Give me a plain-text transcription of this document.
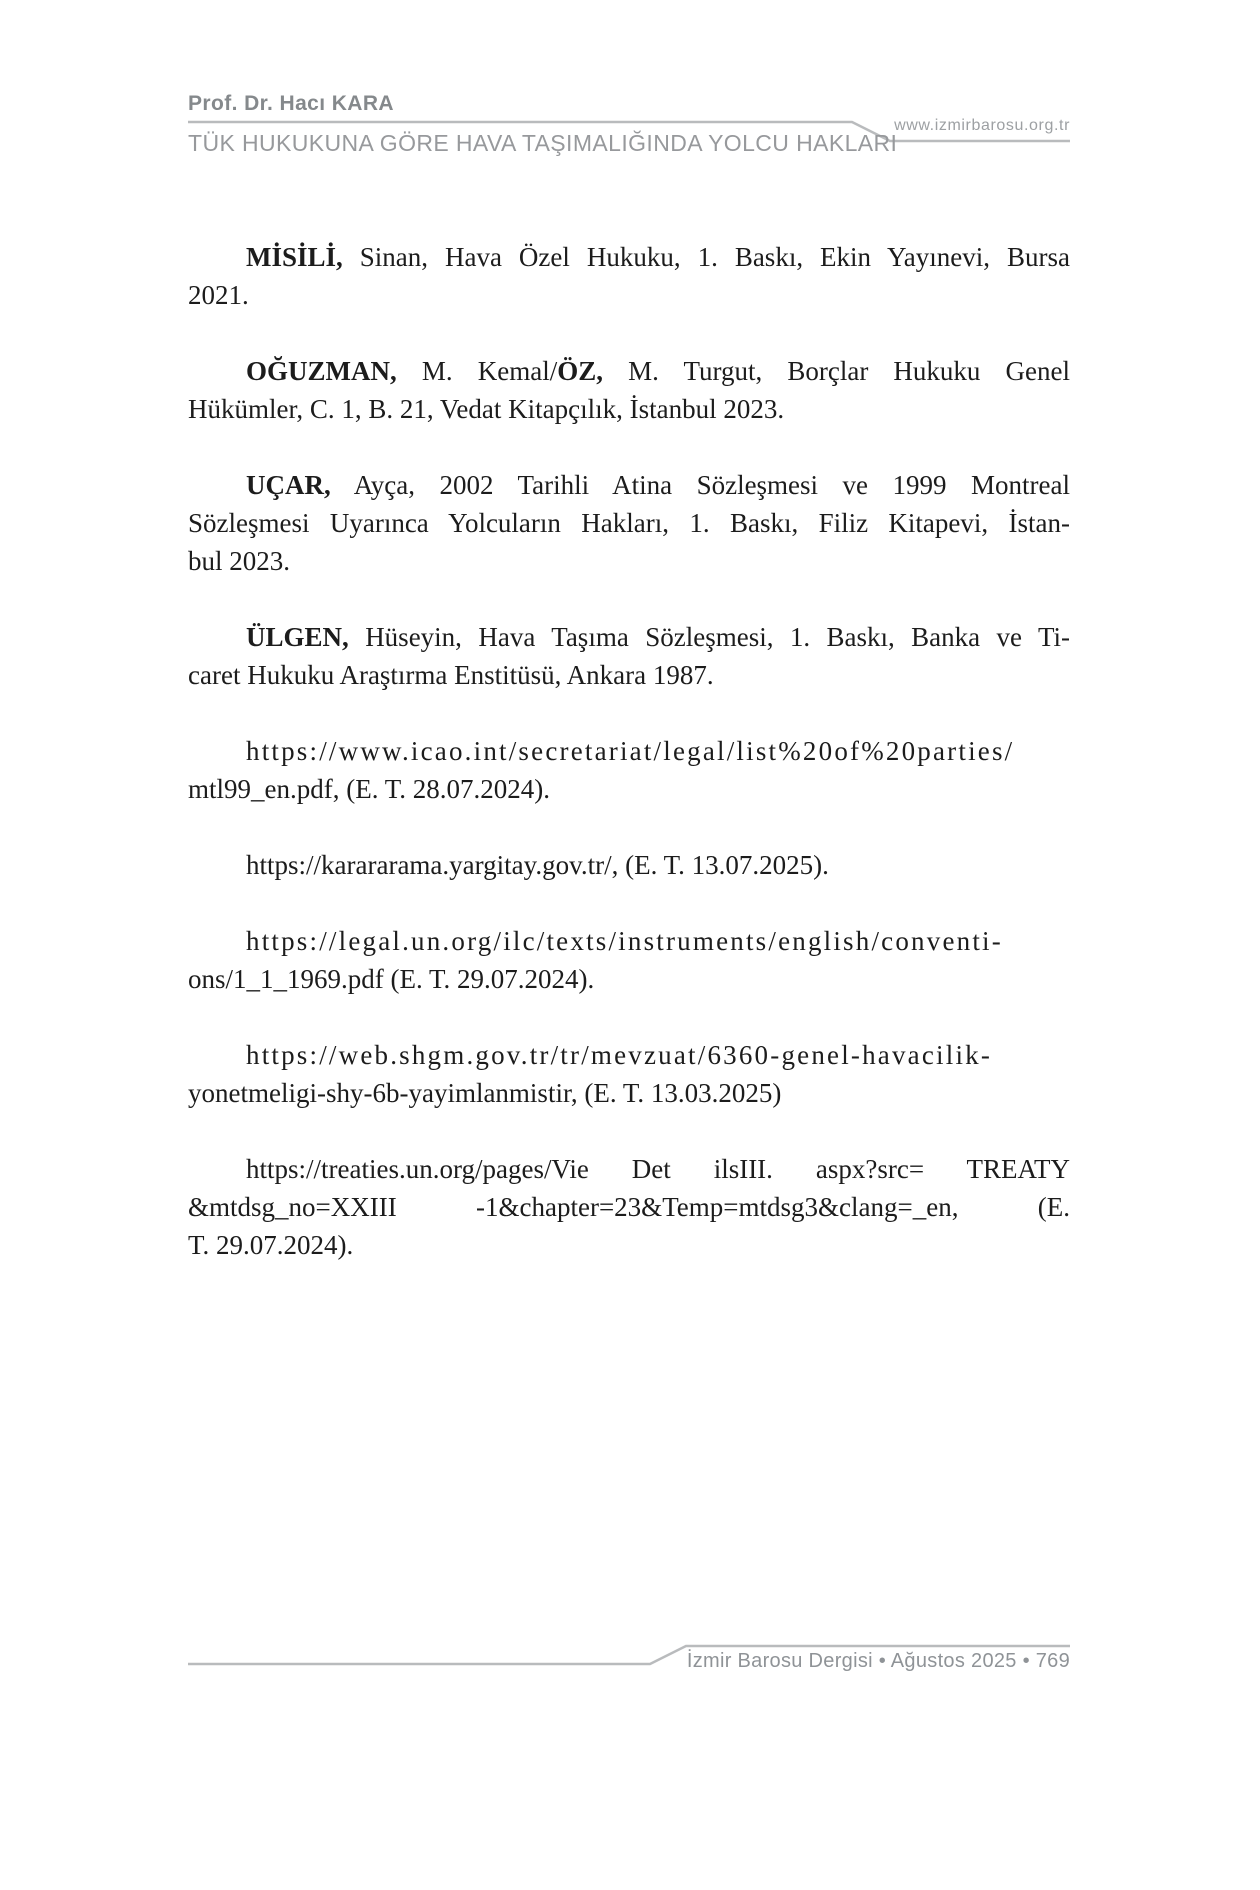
Prof. Dr. Hacı KARA
www.izmirbarosu.org.tr
TÜK HUKUKUNA GÖRE HAVA TAŞIMALIĞINDA YOLCU HAKLARI
MİSİLİ, Sinan, Hava Özel Hukuku, 1. Baskı, Ekin Yayınevi, Bursa
2021.
OĞUZMAN, M. Kemal/ÖZ, M. Turgut, Borçlar Hukuku Genel
Hükümler, C. 1, B. 21, Vedat Kitapçılık, İstanbul 2023.
UÇAR, Ayça, 2002 Tarihli Atina Sözleşmesi ve 1999 Montreal
Sözleşmesi Uyarınca Yolcuların Hakları, 1. Baskı, Filiz Kitapevi, İstan-
bul 2023.
ÜLGEN, Hüseyin, Hava Taşıma Sözleşmesi, 1. Baskı, Banka ve Ti-
caret Hukuku Araştırma Enstitüsü, Ankara 1987.
https://www.icao.int/secretariat/legal/list%20of%20parties/
mtl99_en.pdf, (E. T. 28.07.2024).
https://karararama.yargitay.gov.tr/, (E. T. 13.07.2025).
https://legal.un.org/ilc/texts/instruments/english/conventi-
ons/1_1_1969.pdf (E. T. 29.07.2024).
https://web.shgm.gov.tr/tr/mevzuat/6360-genel-havacilik-
yonetmeligi-shy-6b-yayimlanmistir, (E. T. 13.03.2025)
https://treaties.un.org/pages/Vie Det ilsIII. aspx?src= TREATY
&mtdsg_no=XXIII -1&chapter=23&Temp=mtdsg3&clang=_en, (E.
T. 29.07.2024).
İzmir Barosu Dergisi • Ağustos 2025 • 769
